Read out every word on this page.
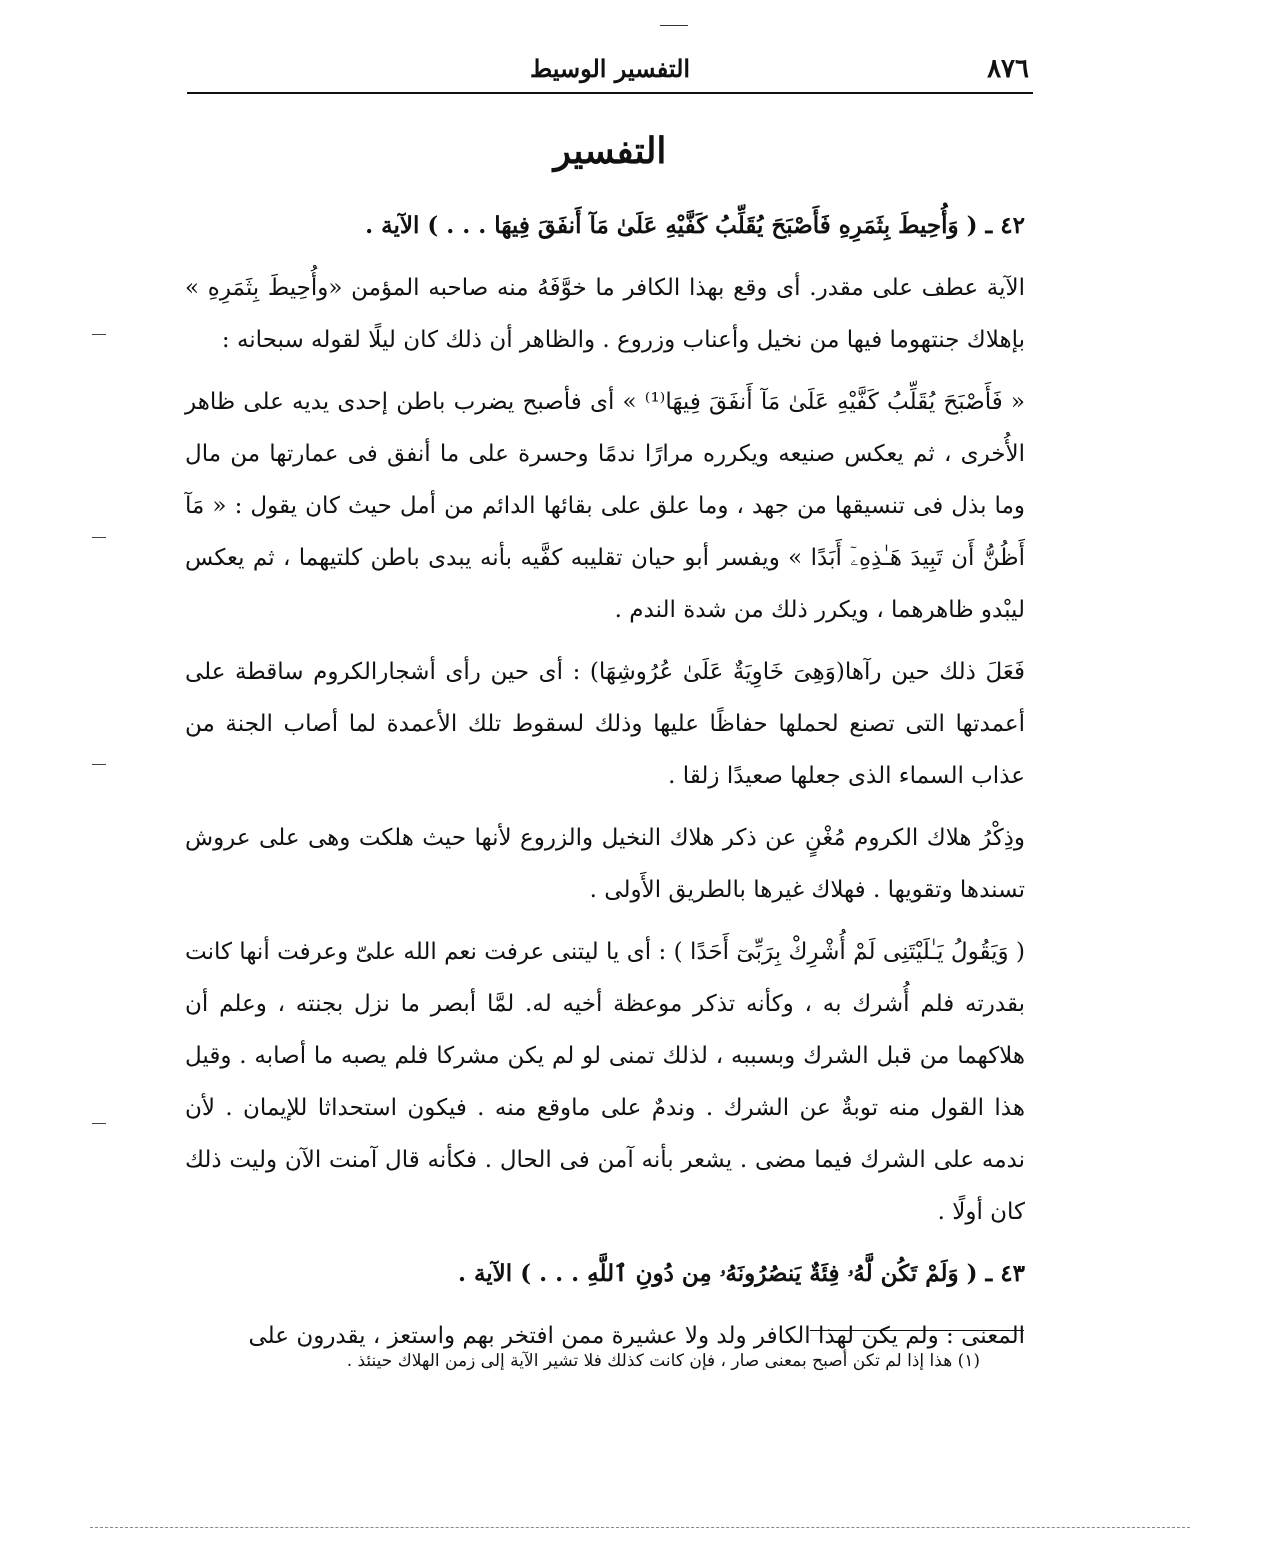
٨٧٦
التفسير الوسيط
التفسير

٤٢ ـ ( وَأُحِيطَ بِثَمَرِهِ فَأَصْبَحَ يُقَلِّبُ كَفَّيْهِ عَلَىٰ مَآ أَنفَقَ فِيهَا . . . ) الآية .

الآية عطف على مقدر. أى وقع بهذا الكافر ما خوَّفَهُ منه صاحبه المؤمن «وأُحِيطَ بِثَمَرِهِ » بإهلاك جنتهوما فيها من نخيل وأعناب وزروع . والظاهر أن ذلك كان ليلًا لقوله سبحانه :

« فَأَصْبَحَ يُقَلِّبُ كَفَّيْهِ عَلَىٰ مَآ أَنفَقَ فِيهَا⁽¹⁾ » أى فأصبح يضرب باطن إحدى يديه على ظاهر الأُخرى ، ثم يعكس صنيعه ويكرره مرارًا ندمًا وحسرة على ما أنفق فى عمارتها من مال وما بذل فى تنسيقها من جهد ، وما علق على بقائها الدائم من أمل حيث كان يقول : « مَآ أَظُنُّ أَن تَبِيدَ هَـٰذِهِۦٓ أَبَدًا » ويفسر أبو حيان تقليبه كفَّيه بأنه يبدى باطن كلتيهما ، ثم يعكس ليبْدو ظاهرهما ، ويكرر ذلك من شدة الندم .

فَعَلَ ذلك حين رآها(وَهِىَ خَاوِيَةٌ عَلَىٰ عُرُوشِهَا) : أى حين رأى أشجارالكروم ساقطة على أعمدتها التى تصنع لحملها حفاظًا عليها وذلك لسقوط تلك الأعمدة لما أصاب الجنة من عذاب السماء الذى جعلها صعيدًا زلقا .

وذِكْرُ هلاك الكروم مُغْنٍ عن ذكر هلاك النخيل والزروع لأنها حيث هلكت وهى على عروش تسندها وتقويها . فهلاك غيرها بالطريق الأَولى .

( وَيَقُولُ يَـٰلَيْتَنِى لَمْ أُشْرِكْ بِرَبِّىٓ أَحَدًا ) : أى يا ليتنى عرفت نعم الله علىّ وعرفت أنها كانت بقدرته فلم أُشرك به ، وكأنه تذكر موعظة أخيه له. لمَّا أبصر ما نزل بجنته ، وعلم أن هلاكهما من قبل الشرك وبسببه ، لذلك تمنى لو لم يكن مشركا فلم يصبه ما أصابه . وقيل هذا القول منه توبةٌ عن الشرك . وندمٌ على ماوقع منه . فيكون استحداثا للإيمان . لأن ندمه على الشرك فيما مضى . يشعر بأنه آمن فى الحال . فكأنه قال آمنت الآن وليت ذلك كان أولًا .

٤٣ ـ ( وَلَمْ تَكُن لَّهُۥ فِئَةٌ يَنصُرُونَهُۥ مِن دُونِ ٱللَّهِ . . . ) الآية .

المعنى : ولم يكن لهذا الكافر ولد ولا عشيرة ممن افتخر بهم واستعز ، يقدرون على

(١) هذا إذا لم تكن أصبح بمعنى صار ، فإن كانت كذلك فلا تشير الآية إلى زمن الهلاك حينئذ .
